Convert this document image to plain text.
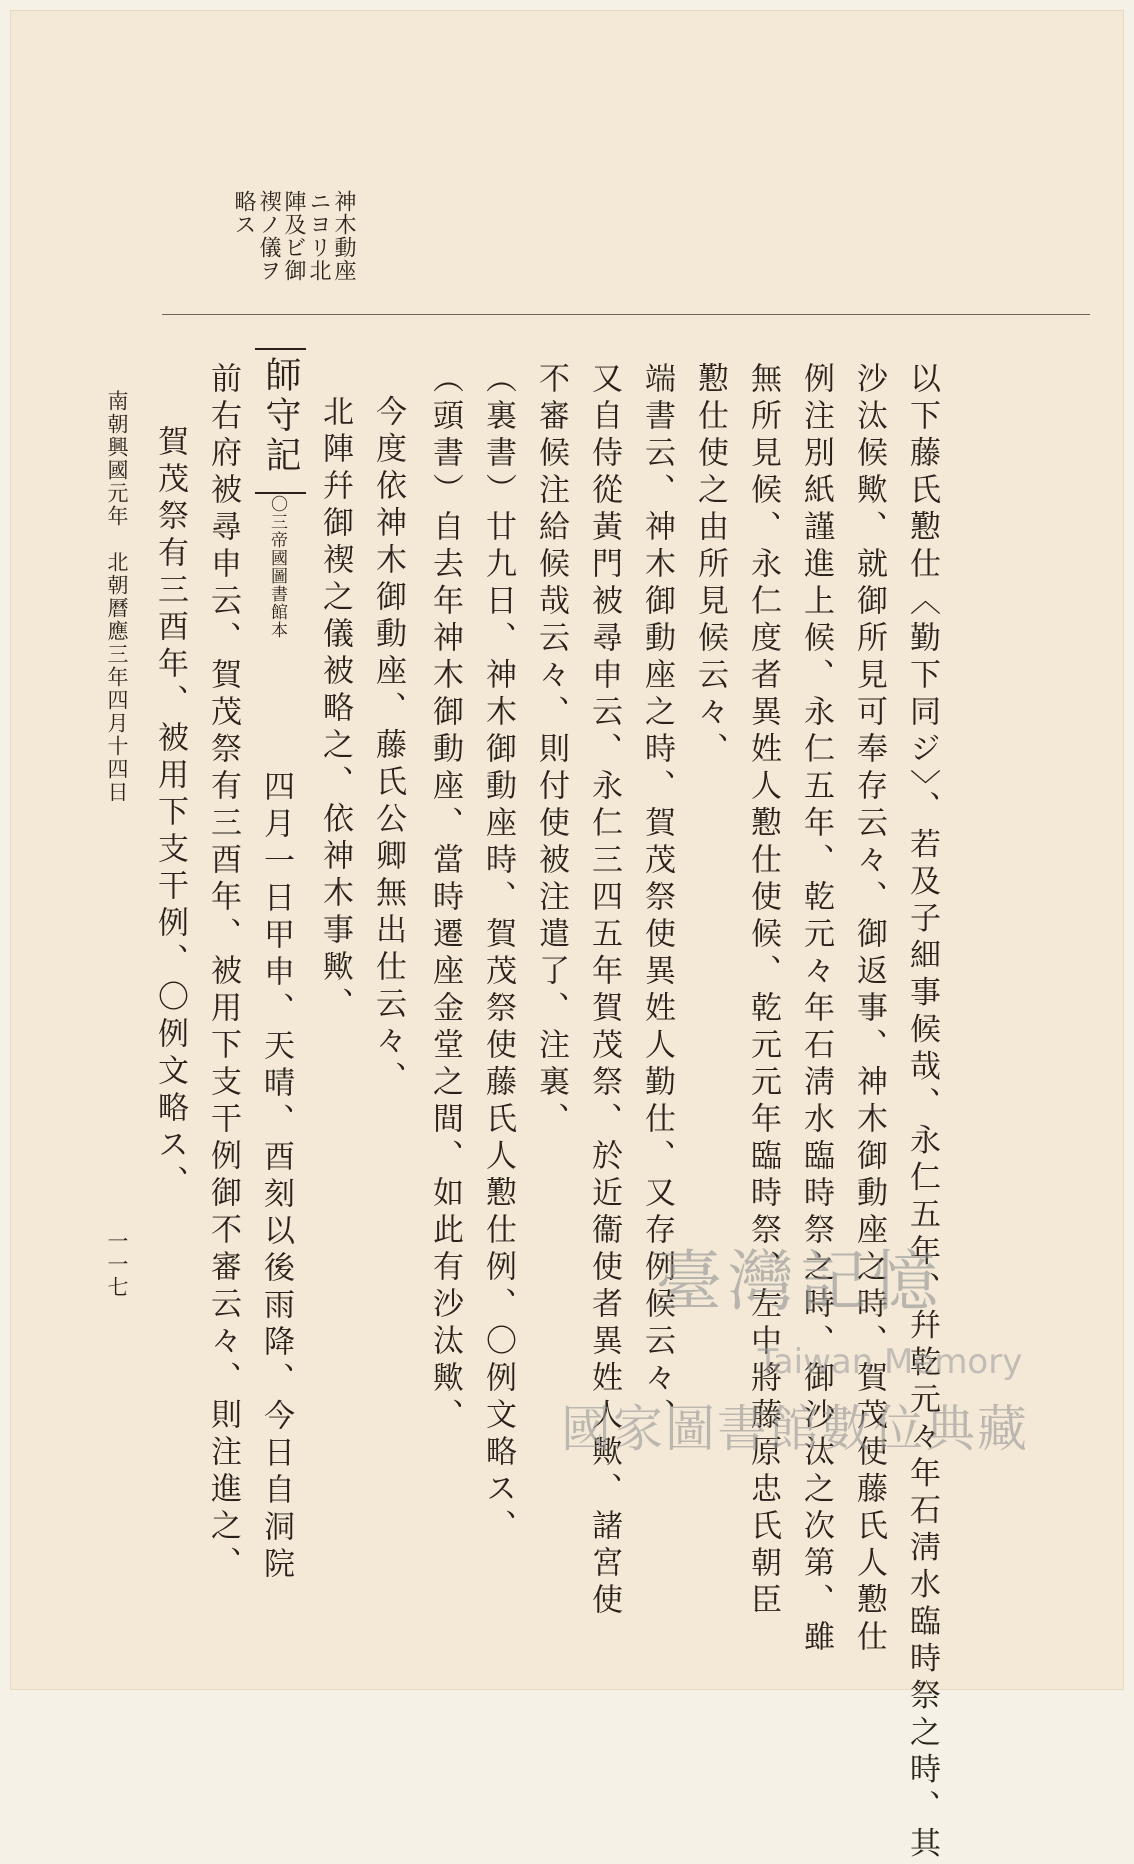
神木動座
ニヨリ北
陣及ビ御
禊ノ儀ヲ
略ス
以下藤氏懃仕〈勤下同ジ〉、若及子細事候哉、永仁五年、幷乾元々年石淸水臨時祭之時、其
沙汰候歟、就御所見可奉存云々、御返事、神木御動座之時、賀茂使藤氏人懃仕
例注別紙謹進上候、永仁五年、乾元々年石淸水臨時祭之時、御沙汰之次第、雖
無所見候、永仁度者異姓人懃仕使候、乾元元年臨時祭、左中將藤原忠氏朝臣
懃仕使之由所見候云々、
端書云、神木御動座之時、賀茂祭使異姓人勤仕、又存例候云々、
又自侍從黃門被尋申云、永仁三四五年賀茂祭、於近衞使者異姓人歟、諸宮使
不審候注給候哉云々、則付使被注遣了、注裏、
（裏書）廿九日、神木御動座時、賀茂祭使藤氏人懃仕例、〇例文略ス、
（頭書）自去年神木御動座、當時遷座金堂之間、如此有沙汰歟、
今度依神木御動座、藤氏公卿無出仕云々、
北陣幷御禊之儀被略之、依神木事歟、
師守記
〇三帝國圖書館本
四月一日甲申、天晴、酉刻以後雨降、今日自洞院
前右府被尋申云、賀茂祭有三酉年、被用下支干例御不審云々、則注進之、
賀茂祭有三酉年、被用下支干例、〇例文略ス、
南朝興國元年　北朝曆應三年四月十四日
一一七	臺灣記憶
Taiwan Memory
國家圖書館數位典藏
